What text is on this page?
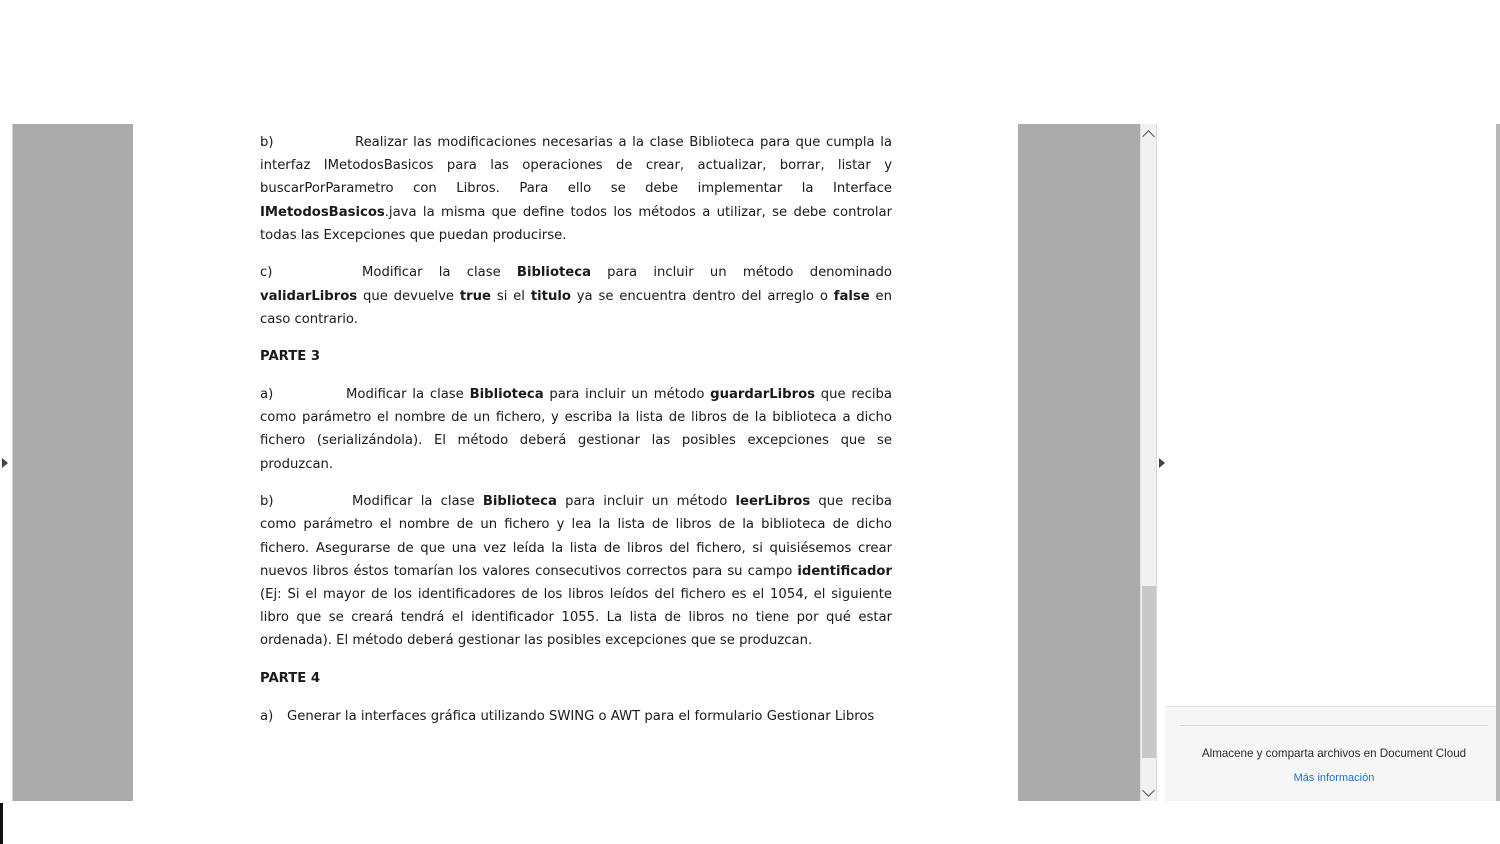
b)	Realizar las modificaciones necesarias a la clase Biblioteca para que cumpla la interfaz IMetodosBasicos para las operaciones de crear, actualizar, borrar, listar y buscarPorParametro con Libros. Para ello se debe implementar la Interface IMetodosBasicos.java la misma que define todos los métodos a utilizar, se debe controlar todas las Excepciones que puedan producirse.

c)	Modificar la clase Biblioteca para incluir un método denominado validarLibros que devuelve true si el titulo ya se encuentra dentro del arreglo o false en caso contrario.

PARTE 3

a)	Modificar la clase Biblioteca para incluir un método guardarLibros que reciba como parámetro el nombre de un fichero, y escriba la lista de libros de la biblioteca a dicho fichero (serializándola). El método deberá gestionar las posibles excepciones que se produzcan.

b)	Modificar la clase Biblioteca para incluir un método leerLibros que reciba como parámetro el nombre de un fichero y lea la lista de libros de la biblioteca de dicho fichero. Asegurarse de que una vez leída la lista de libros del fichero, si quisiésemos crear nuevos libros éstos tomarían los valores consecutivos correctos para su campo identificador (Ej: Si el mayor de los identificadores de los libros leídos del fichero es el 1054, el siguiente libro que se creará tendrá el identificador 1055. La lista de libros no tiene por qué estar ordenada). El método deberá gestionar las posibles excepciones que se produzcan.

PARTE 4

a) Generar la interfaces gráfica utilizando SWING o AWT para el formulario Gestionar Libros

Almacene y comparta archivos en Document Cloud
Más información
